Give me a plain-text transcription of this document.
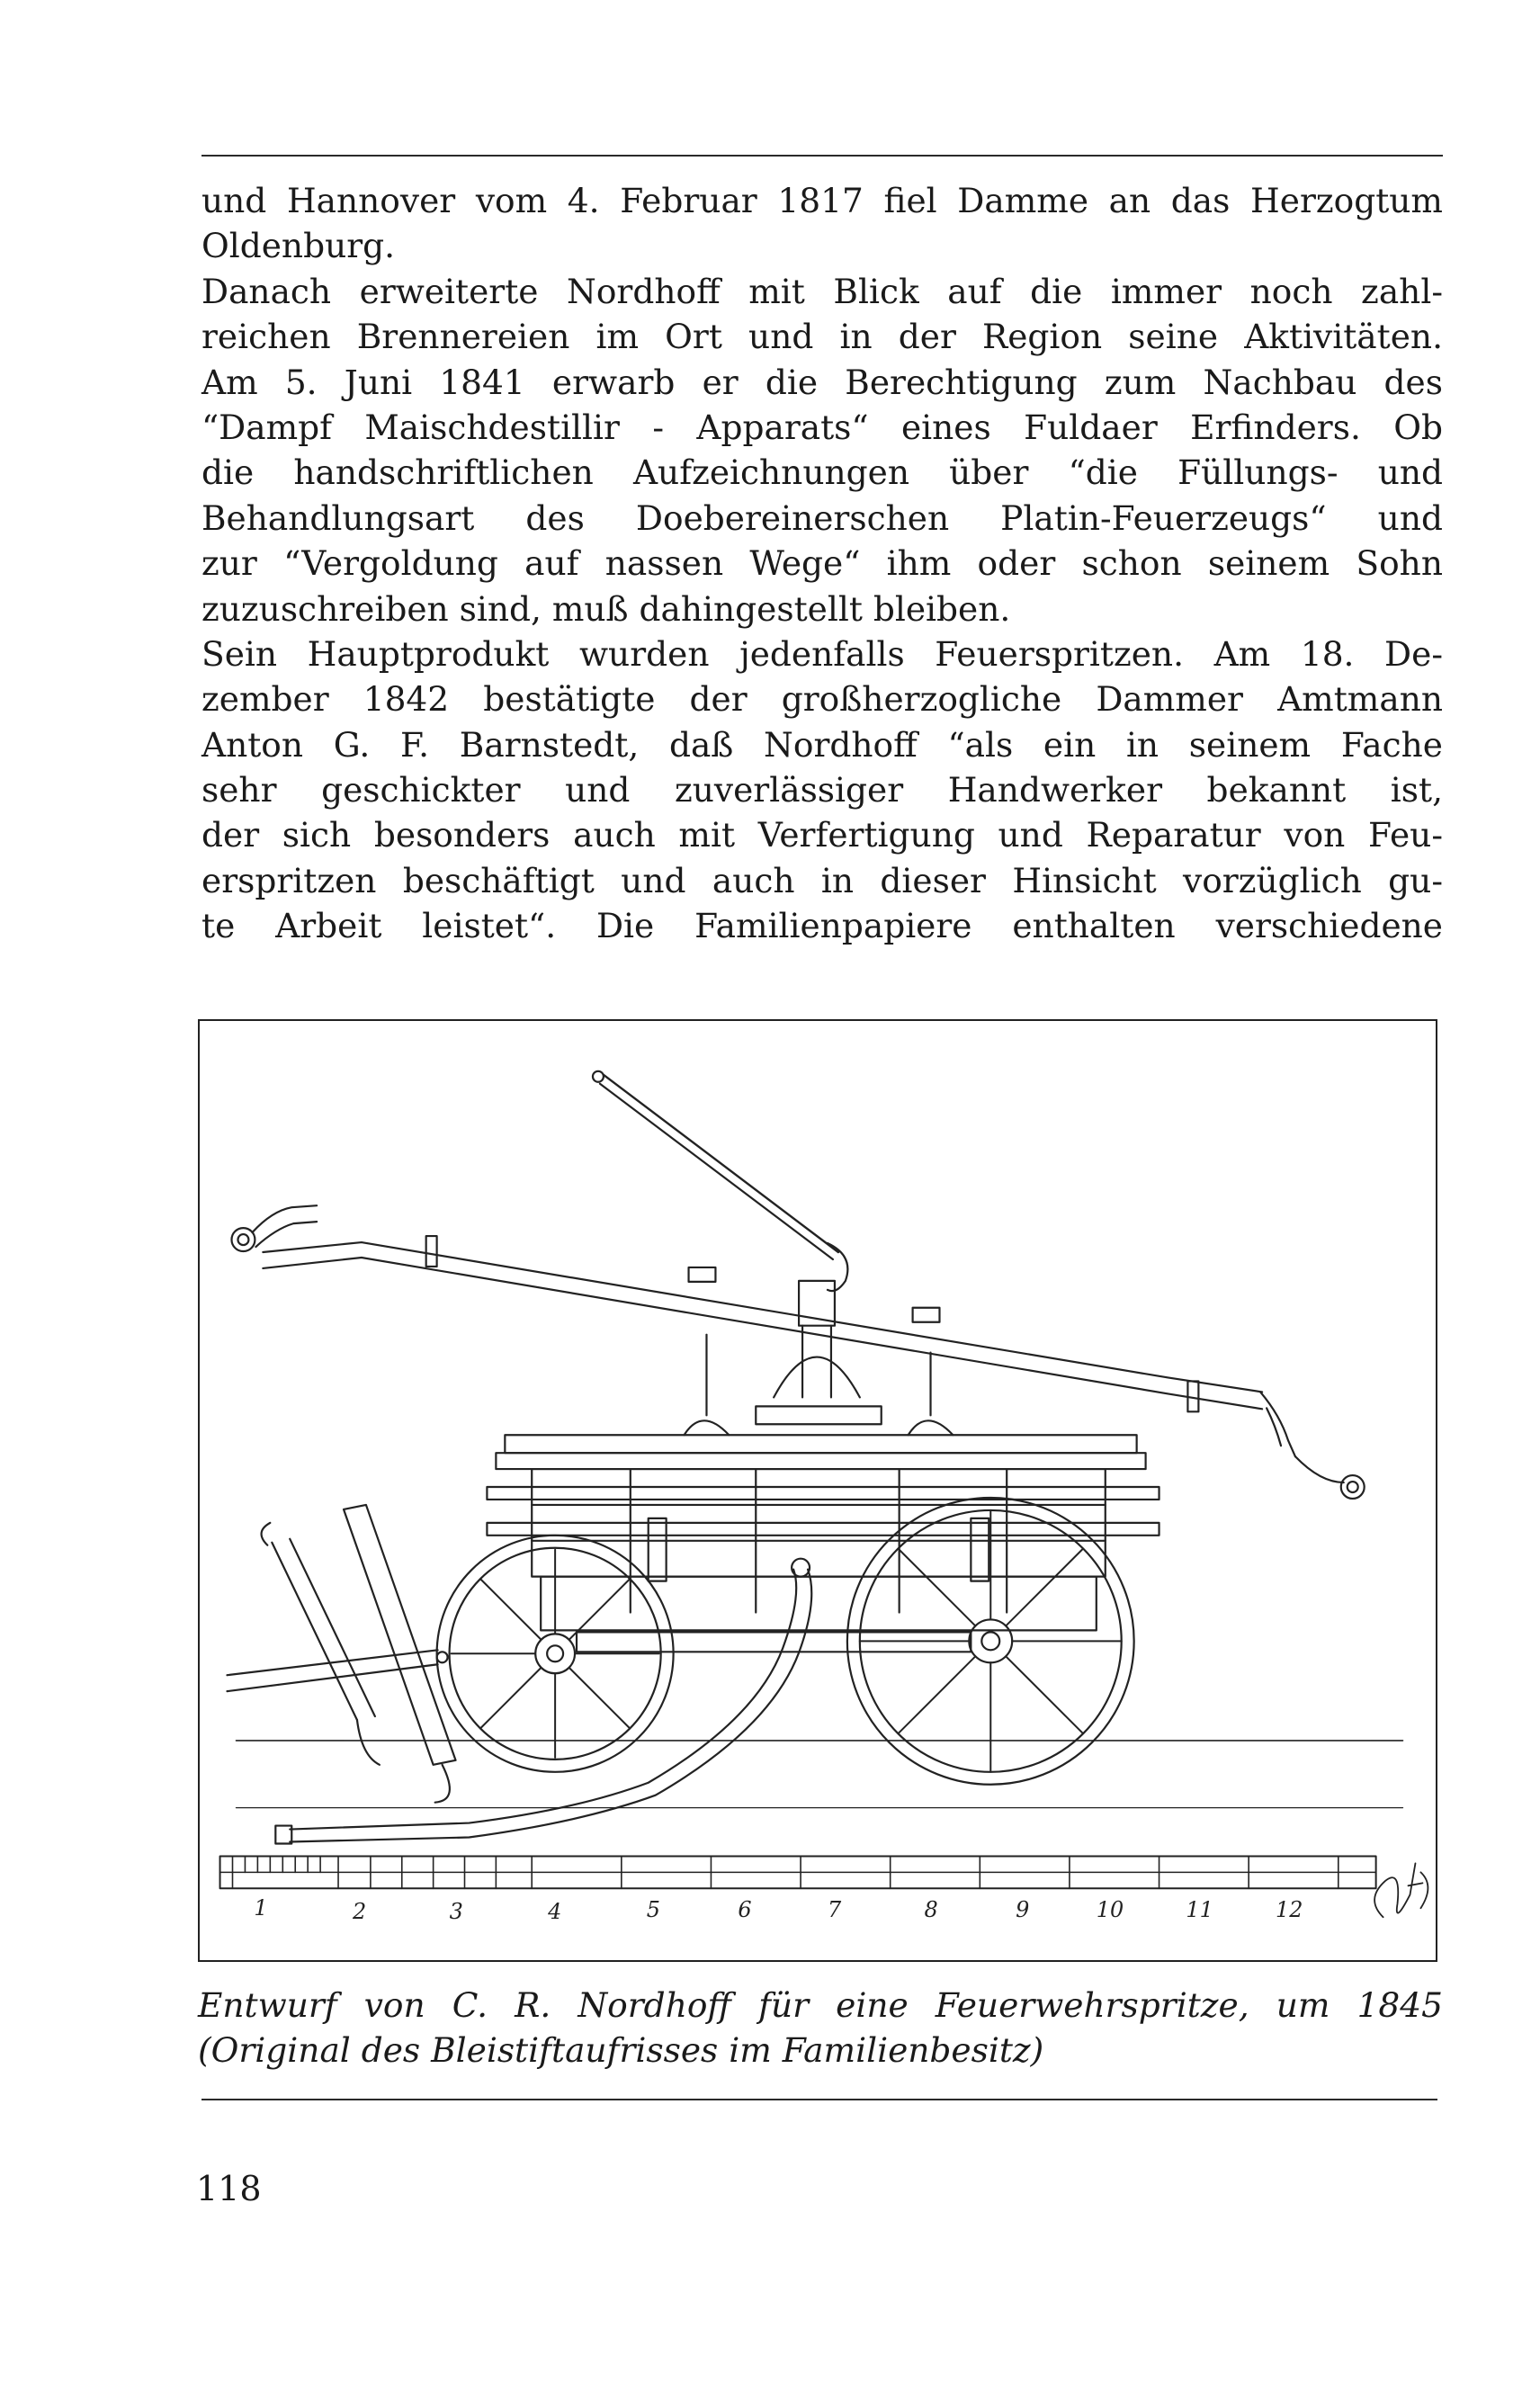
und Hannover vom 4. Februar 1817 fiel Damme an das Herzogtum
Oldenburg.
Danach erweiterte Nordhoff mit Blick auf die immer noch zahl-
reichen Brennereien im Ort und in der Region seine Aktivitäten.
Am 5. Juni 1841 erwarb er die Berechtigung zum Nachbau des
“Dampf Maischdestillir - Apparats“ eines Fuldaer Erfinders. Ob
die handschriftlichen Aufzeichnungen über “die Füllungs- und
Behandlungsart des Doebereinerschen Platin-Feuerzeugs“ und
zur “Vergoldung auf nassen Wege“ ihm oder schon seinem Sohn
zuzuschreiben sind, muß dahingestellt bleiben.
Sein Hauptprodukt wurden jedenfalls Feuerspritzen. Am 18. De-
zember 1842 bestätigte der großherzogliche Dammer Amtmann
Anton G. F. Barnstedt, daß Nordhoff “als ein in seinem Fache
sehr geschickter und zuverlässiger Handwerker bekannt ist,
der sich besonders auch mit Verfertigung und Reparatur von Feu-
erspritzen beschäftigt und auch in dieser Hinsicht vorzüglich gu-
te Arbeit leistet“. Die Familienpapiere enthalten verschiedene
1	2	3	4	5	6	7	8	9	10	11	12
Entwurf von C. R. Nordhoff für eine Feuerwehrspritze, um 1845
(Original des Bleistiftaufrisses im Familienbesitz)
118
